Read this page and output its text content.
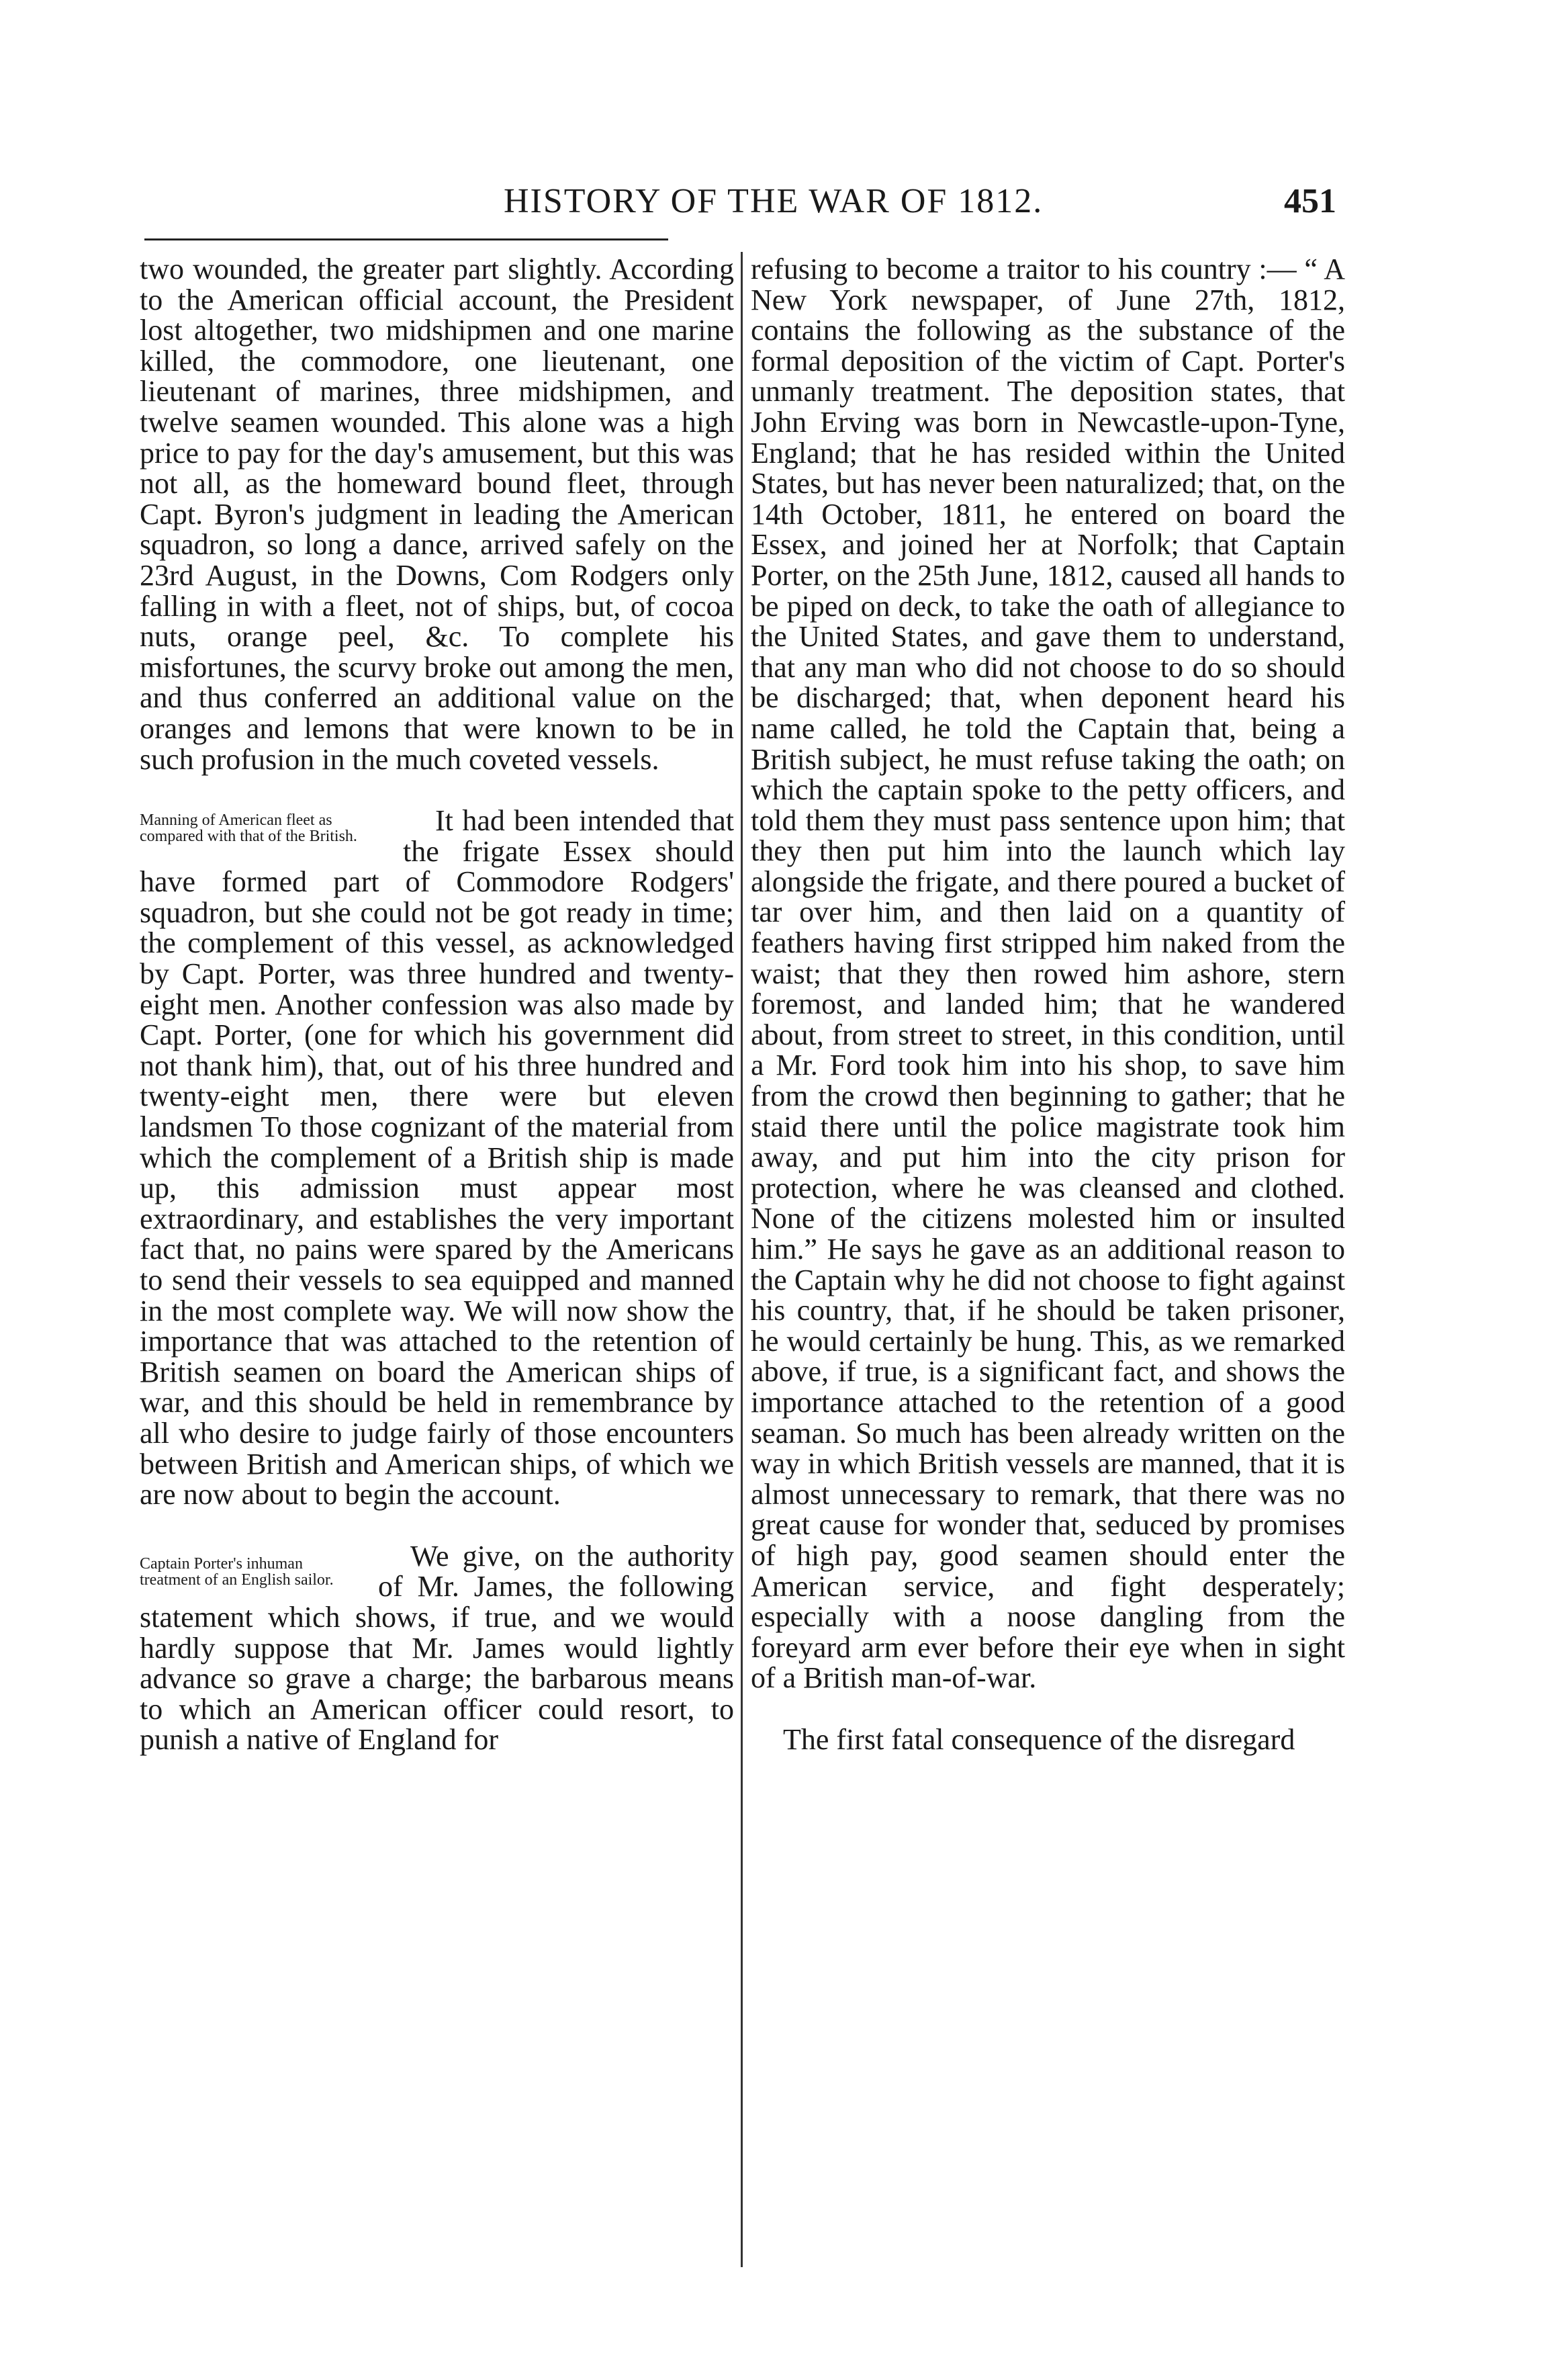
HISTORY OF THE WAR OF 1812.	451

two wounded, the greater part slightly. According to the American official account, the President lost altogether, two midshipmen and one marine killed, the commodore, one lieutenant, one lieutenant of marines, three midshipmen, and twelve seamen wounded. This alone was a high price to pay for the day's amusement, but this was not all, as the homeward bound fleet, through Capt. Byron's judgment in leading the American squadron, so long a dance, arrived safely on the 23rd August, in the Downs, Com Rodgers only falling in with a fleet, not of ships, but, of cocoa nuts, orange peel, &c. To complete his misfortunes, the scurvy broke out among the men, and thus conferred an additional value on the oranges and lemons that were known to be in such profusion in the much coveted vessels.

Manning of American fleet as compared with that of the British.	It had been intended that the frigate Essex should have formed part of Commodore Rodgers' squadron, but she could not be got ready in time; the complement of this vessel, as acknowledged by Capt. Porter, was three hundred and twenty-eight men. Another confession was also made by Capt. Porter, (one for which his government did not thank him), that, out of his three hundred and twenty-eight men, there were but eleven landsmen To those cognizant of the material from which the complement of a British ship is made up, this admission must appear most extraordinary, and establishes the very important fact that, no pains were spared by the Americans to send their vessels to sea equipped and manned in the most complete way. We will now show the importance that was attached to the retention of British seamen on board the American ships of war, and this should be held in remembrance by all who desire to judge fairly of those encounters between British and American ships, of which we are now about to begin the account.

Captain Porter's inhuman treatment of an English sailor.
We give, on the authority of Mr. James, the following statement which shows, if true, and we would hardly suppose that Mr. James would lightly advance so grave a charge; the barbarous means to which an American officer could resort, to punish a native of England for

refusing to become a traitor to his country :— “ A New York newspaper, of June 27th, 1812, contains the following as the substance of the formal deposition of the victim of Capt. Porter's unmanly treatment. The deposition states, that John Erving was born in Newcastle-upon-Tyne, England; that he has resided within the United States, but has never been naturalized; that, on the 14th October, 1811, he entered on board the Essex, and joined her at Norfolk; that Captain Porter, on the 25th June, 1812, caused all hands to be piped on deck, to take the oath of allegiance to the United States, and gave them to understand, that any man who did not choose to do so should be discharged; that, when deponent heard his name called, he told the Captain that, being a British subject, he must refuse taking the oath; on which the captain spoke to the petty officers, and told them they must pass sentence upon him; that they then put him into the launch which lay alongside the frigate, and there poured a bucket of tar over him, and then laid on a quantity of feathers having first stripped him naked from the waist; that they then rowed him ashore, stern foremost, and landed him; that he wandered about, from street to street, in this condition, until a Mr. Ford took him into his shop, to save him from the crowd then beginning to gather; that he staid there until the police magistrate took him away, and put him into the city prison for protection, where he was cleansed and clothed. None of the citizens molested him or insulted him.” He says he gave as an additional reason to the Captain why he did not choose to fight against his country, that, if he should be taken prisoner, he would certainly be hung. This, as we remarked above, if true, is a significant fact, and shows the importance attached to the retention of a good seaman. So much has been already written on the way in which British vessels are manned, that it is almost unnecessary to remark, that there was no great cause for wonder that, seduced by promises of high pay, good seamen should enter the American service, and fight desperately; especially with a noose dangling from the foreyard arm ever before their eye when in sight of a British man-of-war.

The first fatal consequence of the disregard
